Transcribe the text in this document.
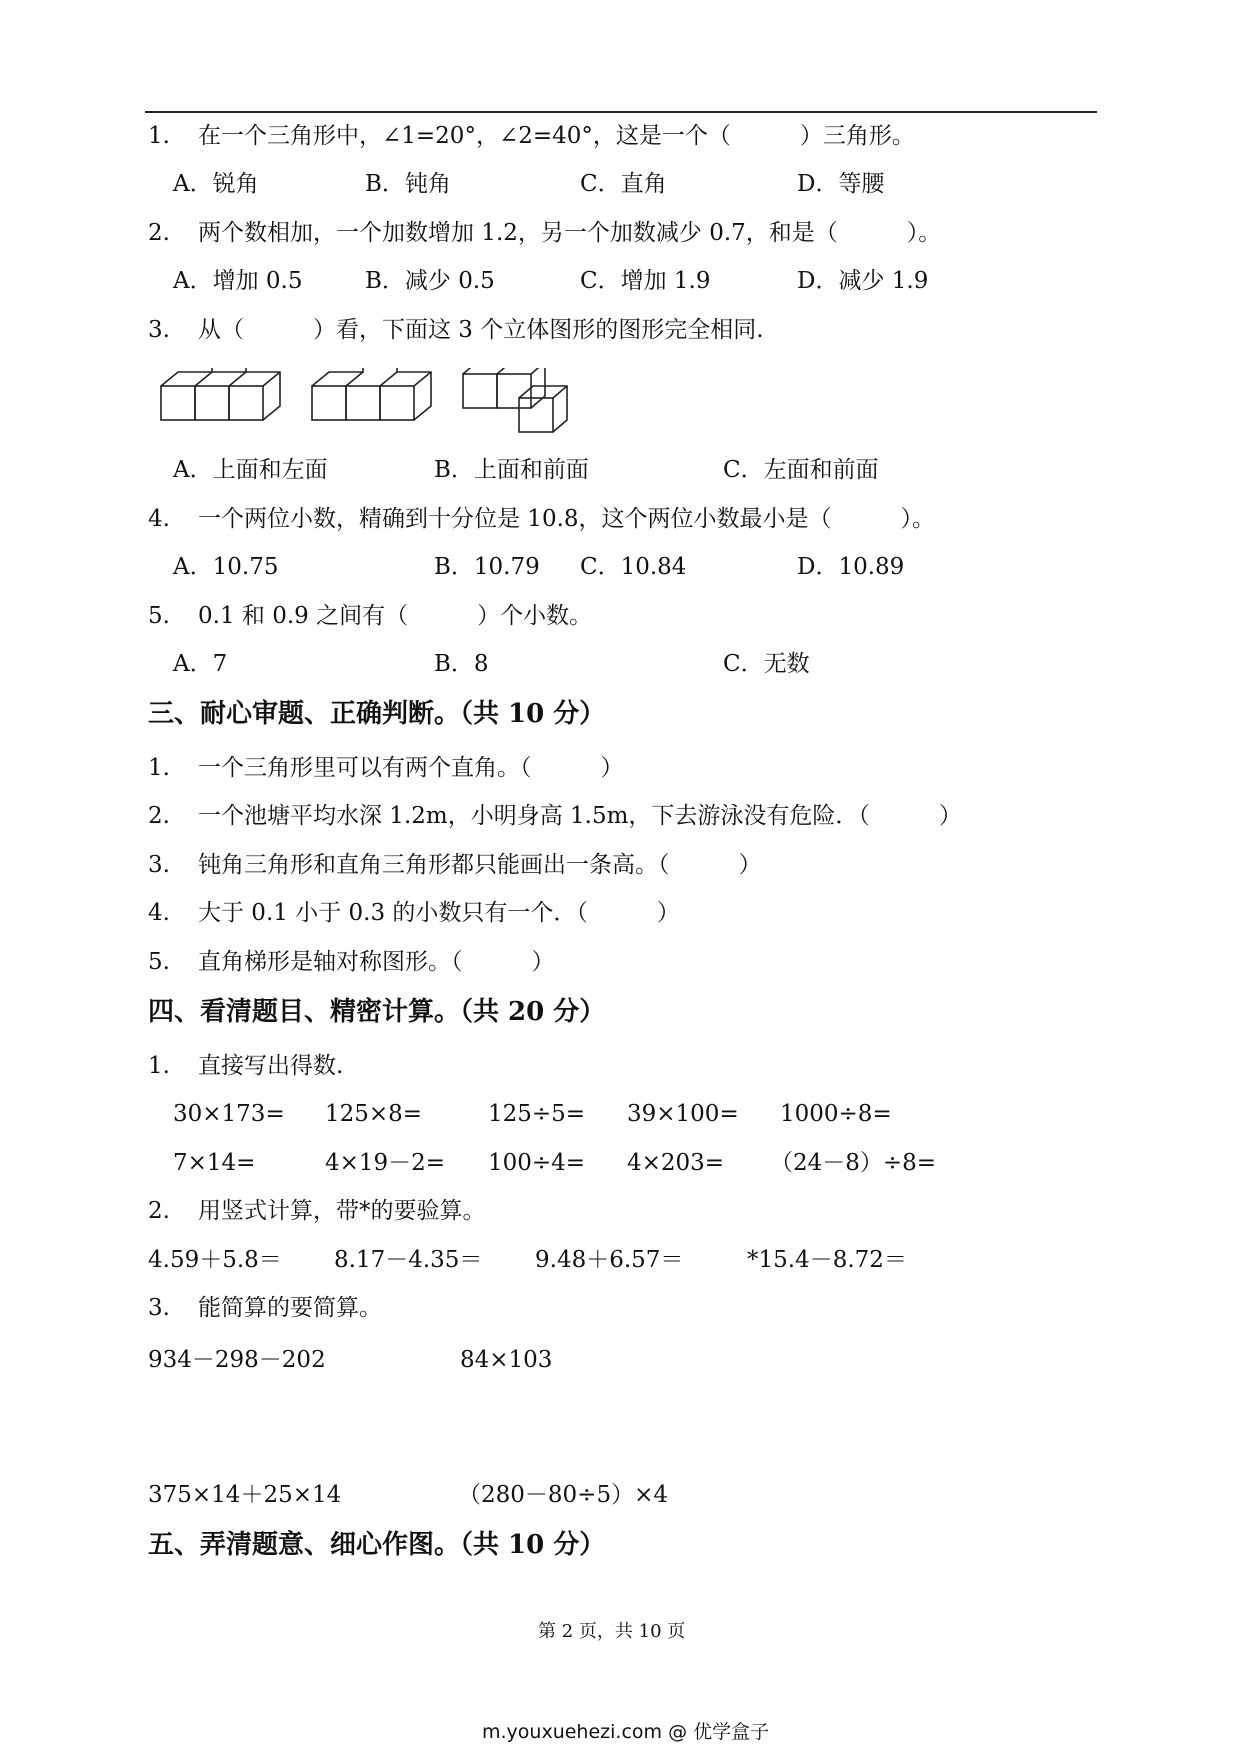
1. 在一个三角形中，∠1=20°，∠2=40°，这是一个（　　　）三角形。
A．锐角	B．钝角	C．直角	D．等腰
2. 两个数相加，一个加数增加 1.2，另一个加数减少 0.7，和是（　　　）。
A．增加 0.5	B．减少 0.5	C．增加 1.9	D．减少 1.9
3. 从（　　　）看，下面这 3 个立体图形的图形完全相同.
A．上面和左面	B．上面和前面	C．左面和前面
4. 一个两位小数，精确到十分位是 10.8，这个两位小数最小是（　　　）。
A．10.75	B．10.79 C．10.84	D．10.89
5. 0.1 和 0.9 之间有（　　　）个小数。
A．7	B．8	C．无数
三、耐心审题、正确判断。（共 10 分）
1. 一个三角形里可以有两个直角。（　　　）
2. 一个池塘平均水深 1.2m，小明身高 1.5m，下去游泳没有危险．（　　　）
3. 钝角三角形和直角三角形都只能画出一条高。（　　　）
4. 大于 0.1 小于 0.3 的小数只有一个．（　　　）
5. 直角梯形是轴对称图形。（　　　）
四、看清题目、精密计算。（共 20 分）
1. 直接写出得数.
30×173= 125×8=	125÷5= 39×100= 1000÷8=
7×14=	4×19－2= 100÷4= 4×203= （24－8）÷8=
2. 用竖式计算，带*的要验算。
4.59＋5.8＝ 8.17－4.35＝ 9.48＋6.57＝	*15.4－8.72＝
3. 能简算的要简算。
934－298－202	84×103
375×14＋25×14	（280－80÷5）×4
五、弄清题意、细心作图。（共 10 分）
第 2 页，共 10 页
m.youxuehezi.com @ 优学盒子
